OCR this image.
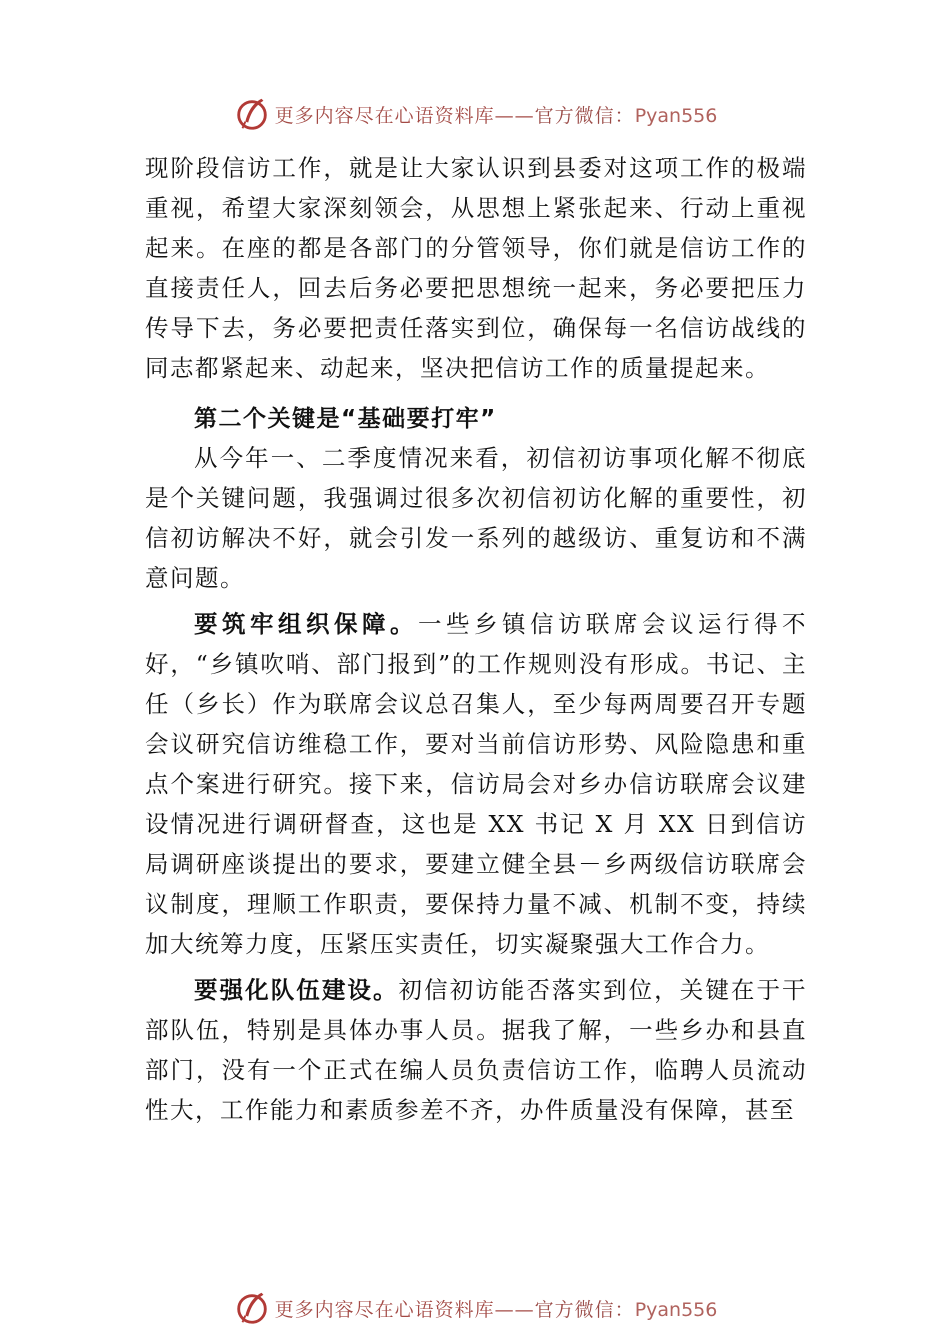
更多内容尽在心语资料库——官方微信：Pyan556

现阶段信访工作，就是让大家认识到县委对这项工作的极端重视，希望大家深刻领会，从思想上紧张起来、行动上重视起来。在座的都是各部门的分管领导，你们就是信访工作的直接责任人，回去后务必要把思想统一起来，务必要把压力传导下去，务必要把责任落实到位，确保每一名信访战线的同志都紧起来、动起来，坚决把信访工作的质量提起来。

第二个关键是“基础要打牢”

从今年一、二季度情况来看，初信初访事项化解不彻底是个关键问题，我强调过很多次初信初访化解的重要性，初信初访解决不好，就会引发一系列的越级访、重复访和不满意问题。

要筑牢组织保障。一些乡镇信访联席会议运行得不好，“乡镇吹哨、部门报到”的工作规则没有形成。书记、主任（乡长）作为联席会议总召集人，至少每两周要召开专题会议研究信访维稳工作，要对当前信访形势、风险隐患和重点个案进行研究。接下来，信访局会对乡办信访联席会议建设情况进行调研督查，这也是 XX 书记 X 月 XX 日到信访局调研座谈提出的要求，要建立健全县－乡两级信访联席会议制度，理顺工作职责，要保持力量不减、机制不变，持续加大统筹力度，压紧压实责任，切实凝聚强大工作合力。

要强化队伍建设。初信初访能否落实到位，关键在于干部队伍，特别是具体办事人员。据我了解，一些乡办和县直部门，没有一个正式在编人员负责信访工作，临聘人员流动性大，工作能力和素质参差不齐，办件质量没有保障，甚至

更多内容尽在心语资料库——官方微信：Pyan556
